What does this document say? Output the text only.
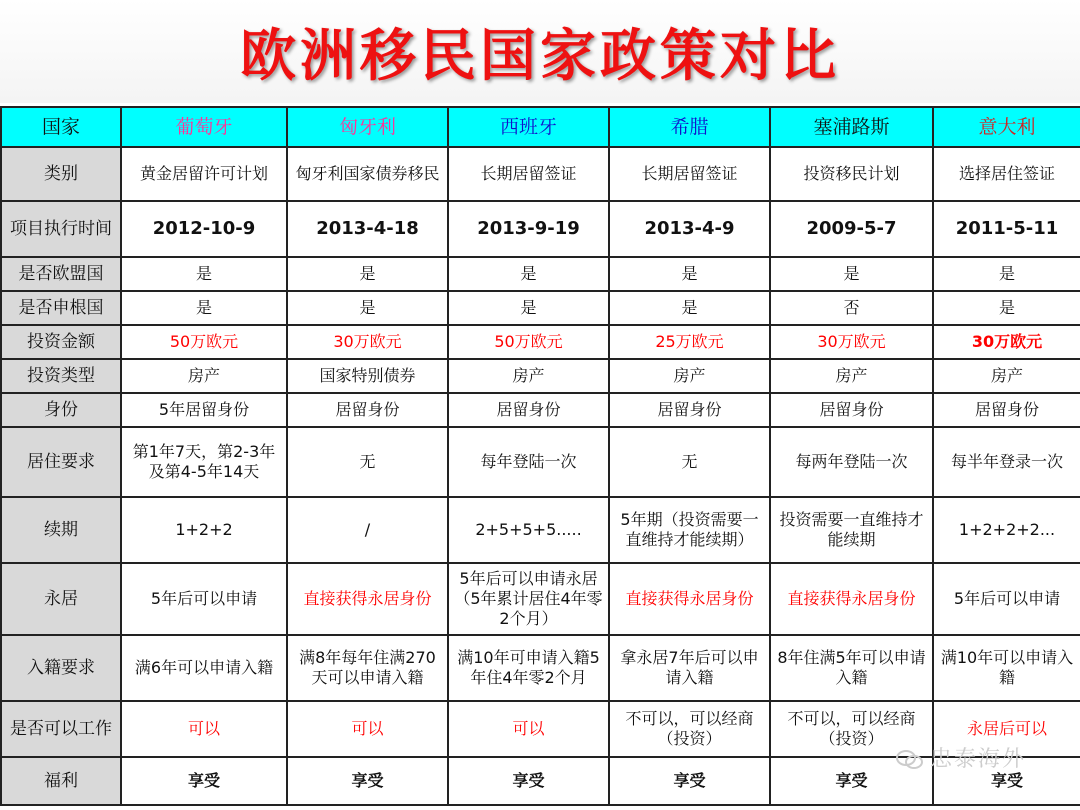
欧洲移民国家政策对比
国家	葡萄牙	匈牙利	西班牙	希腊	塞浦路斯	意大利
类别	黄金居留许可计划	匈牙利国家债券移民	长期居留签证	长期居留签证	投资移民计划	选择居住签证
项目执行时间	2012-10-9	2013-4-18	2013-9-19	2013-4-9	2009-5-7	2011-5-11
是否欧盟国	是	是	是	是	是	是
是否申根国	是	是	是	是	否	是
投资金额	50万欧元	30万欧元	50万欧元	25万欧元	30万欧元	30万欧元
投资类型	房产	国家特别债券	房产	房产	房产	房产
身份	5年居留身份	居留身份	居留身份	居留身份	居留身份	居留身份
居住要求	第1年7天，第2-3年及第4-5年14天	无	每年登陆一次	无	每两年登陆一次	每半年登录一次
续期	1+2+2	/	2+5+5+5.....	5年期（投资需要一直维持才能续期）	投资需要一直维持才能续期	1+2+2+2...
永居	5年后可以申请	直接获得永居身份	5年后可以申请永居（5年累计居住4年零2个月）	直接获得永居身份	直接获得永居身份	5年后可以申请
入籍要求	满6年可以申请入籍	满8年每年住满270天可以申请入籍	满10年可申请入籍5年住4年零2个月	拿永居7年后可以申请入籍	8年住满5年可以申请入籍	满10年可以申请入籍
是否可以工作	可以	可以	可以	不可以，可以经商（投资）	不可以，可以经商（投资）	永居后可以
福利	享受	享受	享受	享受	享受	享受
忠泰海外
